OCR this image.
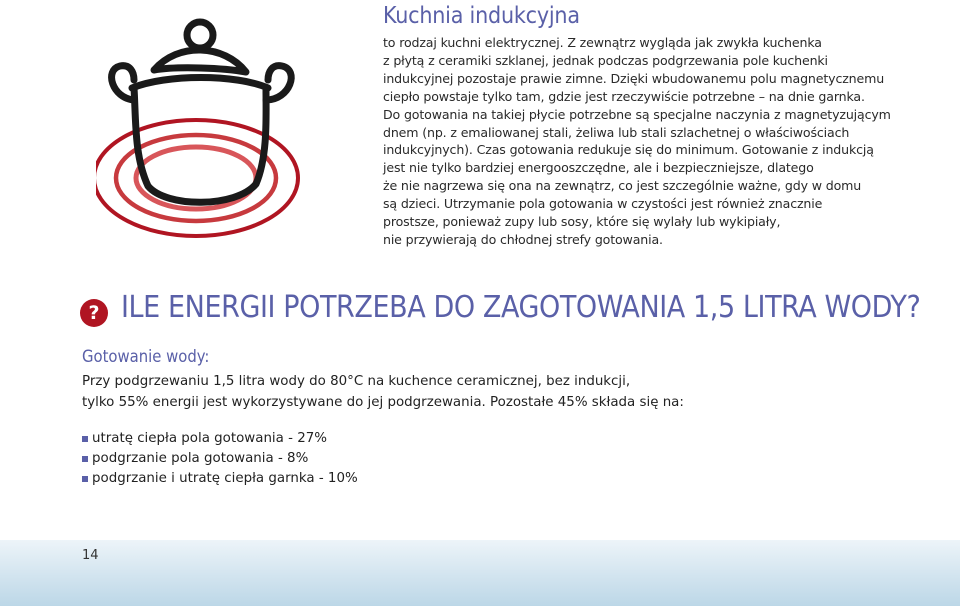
Kuchnia indukcyjna

to rodzaj kuchni elektrycznej. Z zewnątrz wygląda jak zwykła kuchenka

z płytą z ceramiki szklanej, jednak podczas podgrzewania pole kuchenki

indukcyjnej pozostaje prawie zimne. Dzięki wbudowanemu polu magnetycznemu

ciepło powstaje tylko tam, gdzie jest rzeczywiście potrzebne – na dnie garnka.

Do gotowania na takiej płycie potrzebne są specjalne naczynia z magnetyzującym

dnem (np. z emaliowanej stali, żeliwa lub stali szlachetnej o właściwościach

indukcyjnych). Czas gotowania redukuje się do minimum. Gotowanie z indukcją

jest nie tylko bardziej energooszczędne, ale i bezpieczniejsze, dlatego

że nie nagrzewa się ona na zewnątrz, co jest szczególnie ważne, gdy w domu

są dzieci. Utrzymanie pola gotowania w czystości jest również znacznie

prostsze, ponieważ zupy lub sosy, które się wylały lub wykipiały,

nie przywierają do chłodnej strefy gotowania.

? ILE ENERGII POTRZEBA DO ZAGOTOWANIA 1,5 LITRA WODY?
Gotowanie wody:

Przy podgrzewaniu 1,5 litra wody do 80°C na kuchence ceramicznej, bez indukcji,

tylko 55% energii jest wykorzystywane do jej podgrzewania. Pozostałe 45% składa się na:

utratę ciepła pola gotowania - 27%
podgrzanie pola gotowania - 8%
podgrzanie i utratę ciepła garnka - 10%
14
